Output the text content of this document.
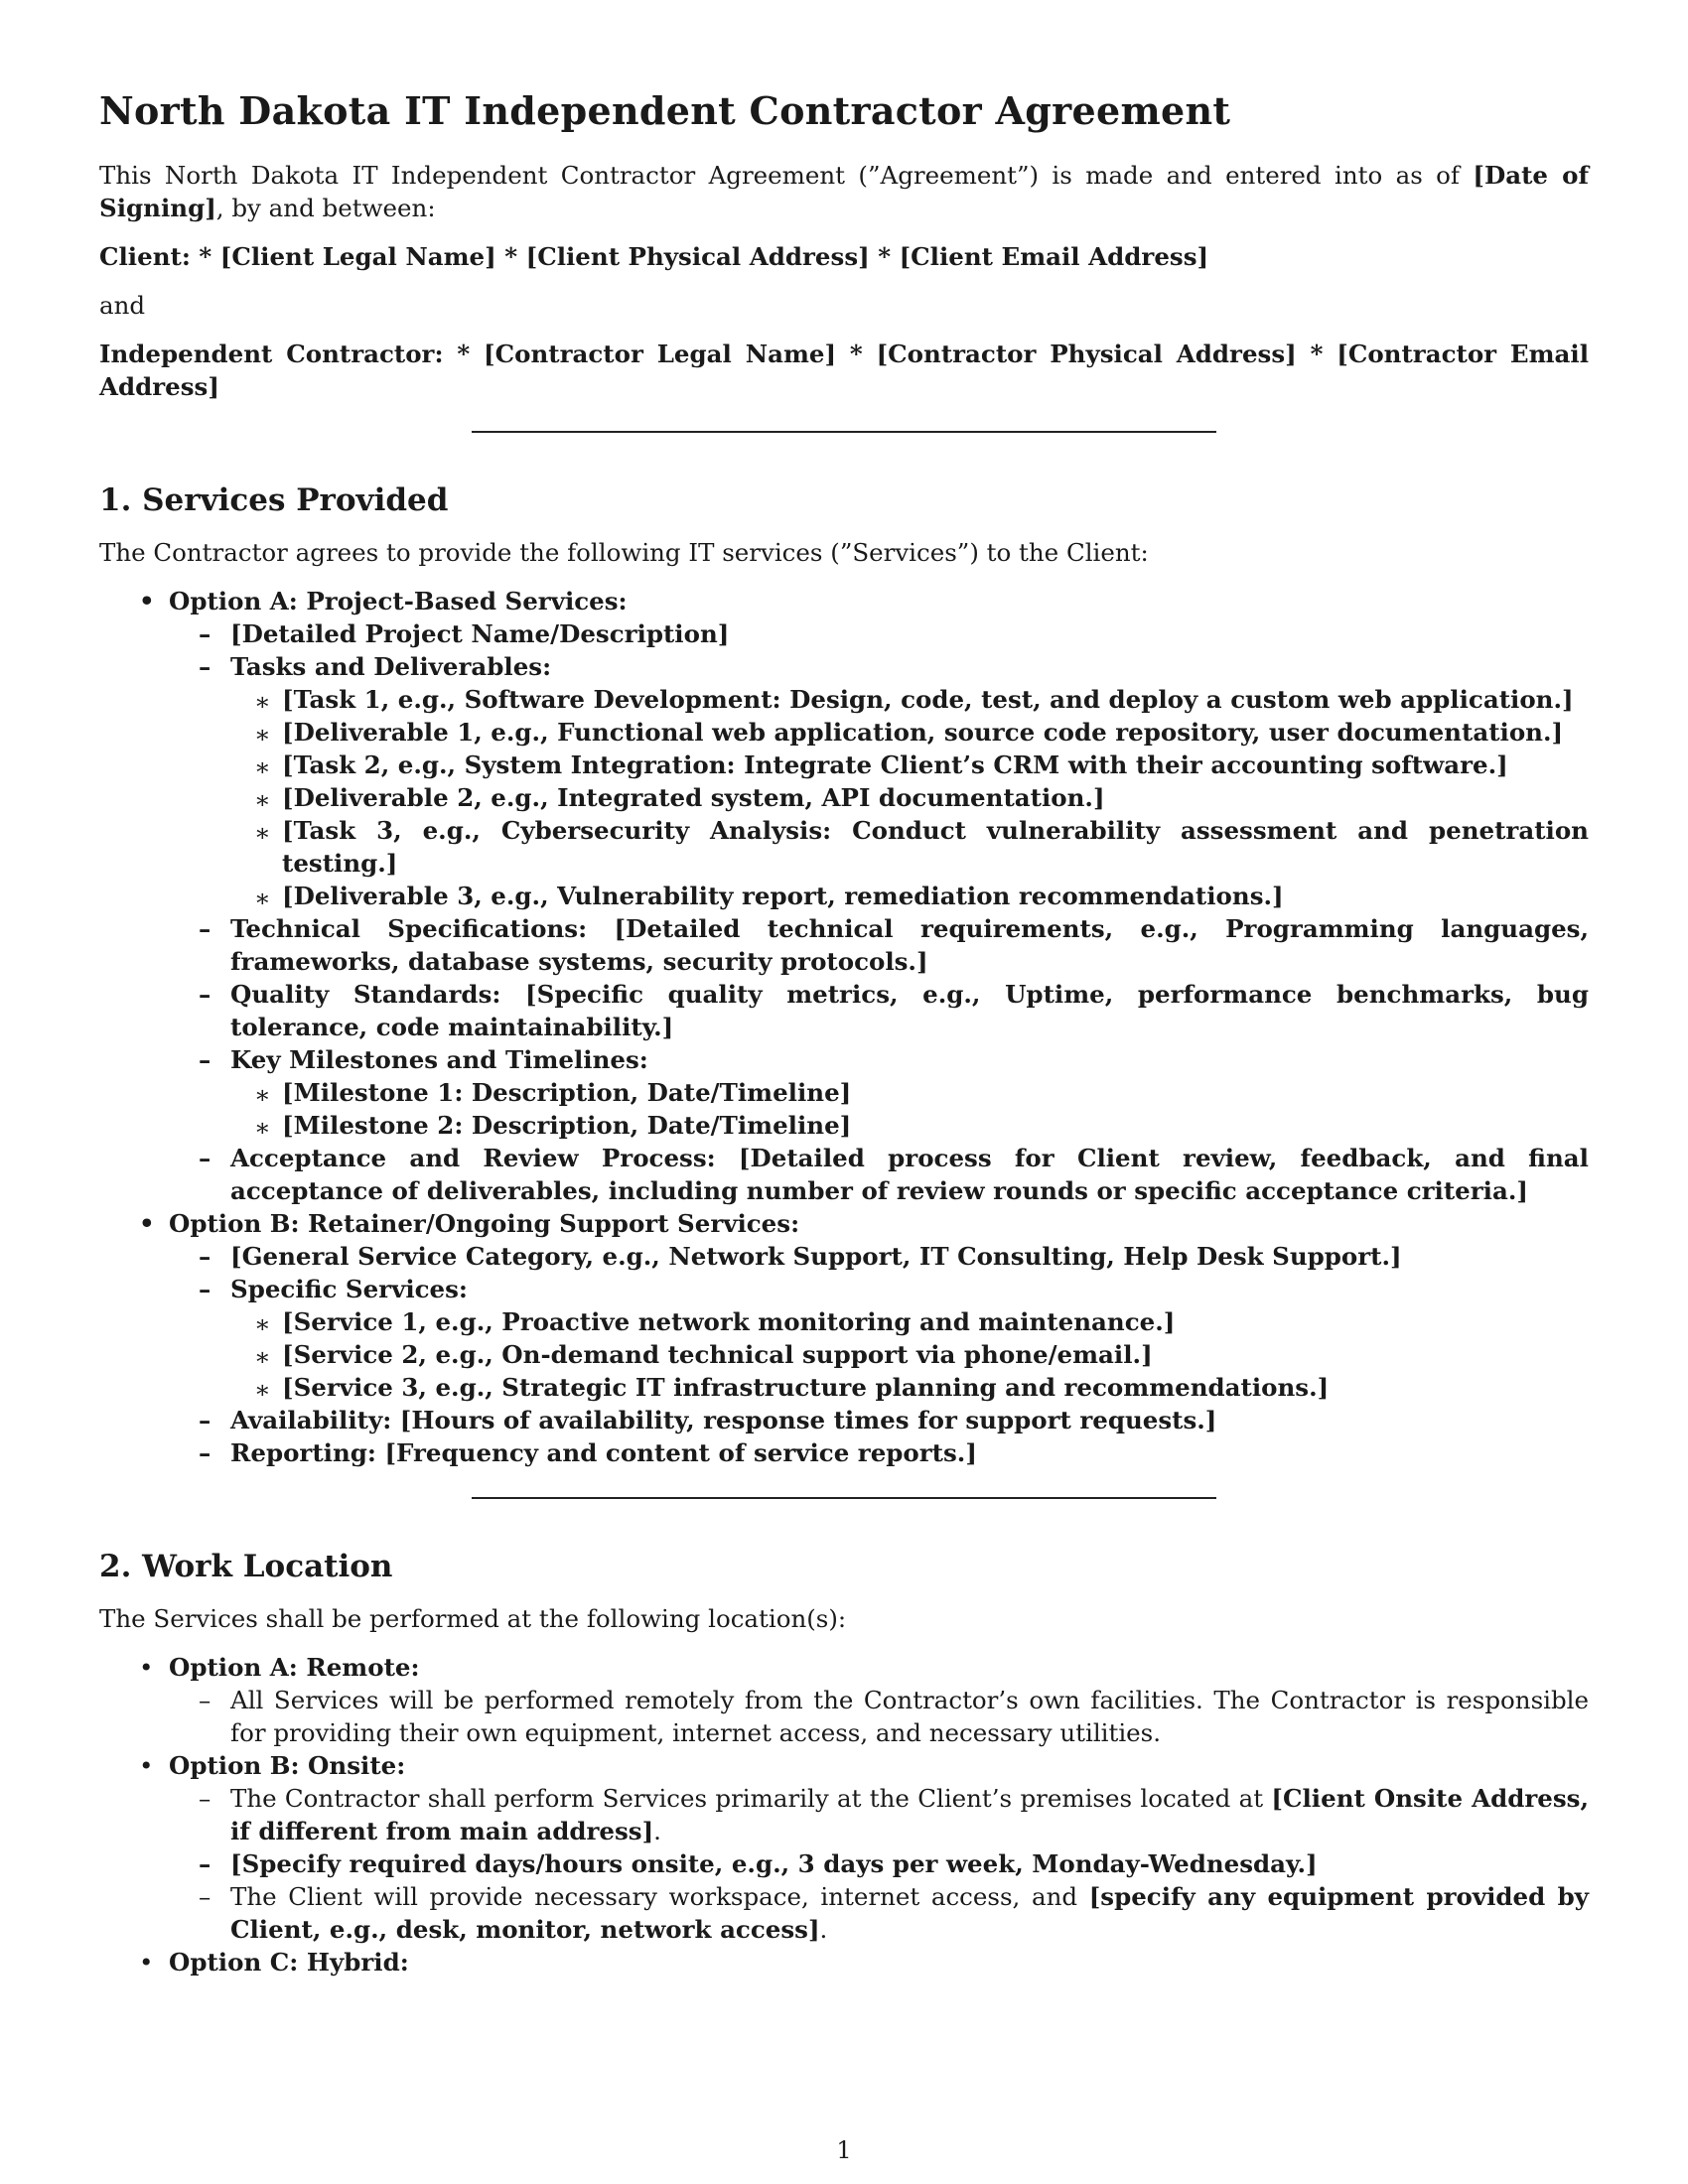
North Dakota IT Independent Contractor Agreement

This North Dakota IT Independent Contractor Agreement (”Agreement”) is made and entered into as of [Date of Signing], by and between:

Client: * [Client Legal Name] * [Client Physical Address] * [Client Email Address]

and

Independent Contractor: * [Contractor Legal Name] * [Contractor Physical Address] * [Contractor Email Address]

1. Services Provided

The Contractor agrees to provide the following IT services (”Services”) to the Client:

• Option A: Project-Based Services:
– [Detailed Project Name/Description]
– Tasks and Deliverables:
∗ [Task 1, e.g., Software Development: Design, code, test, and deploy a custom web application.]
∗ [Deliverable 1, e.g., Functional web application, source code repository, user documentation.]
∗ [Task 2, e.g., System Integration: Integrate Client’s CRM with their accounting software.]
∗ [Deliverable 2, e.g., Integrated system, API documentation.]
∗ [Task 3, e.g., Cybersecurity Analysis: Conduct vulnerability assessment and penetration testing.]
∗ [Deliverable 3, e.g., Vulnerability report, remediation recommendations.]
– Technical Specifications: [Detailed technical requirements, e.g., Programming languages, frameworks, database systems, security protocols.]
– Quality Standards: [Specific quality metrics, e.g., Uptime, performance benchmarks, bug tolerance, code maintainability.]
– Key Milestones and Timelines:
∗ [Milestone 1: Description, Date/Timeline]
∗ [Milestone 2: Description, Date/Timeline]
– Acceptance and Review Process: [Detailed process for Client review, feedback, and final acceptance of deliverables, including number of review rounds or specific acceptance criteria.]
• Option B: Retainer/Ongoing Support Services:
– [General Service Category, e.g., Network Support, IT Consulting, Help Desk Support.]
– Specific Services:
∗ [Service 1, e.g., Proactive network monitoring and maintenance.]
∗ [Service 2, e.g., On-demand technical support via phone/email.]
∗ [Service 3, e.g., Strategic IT infrastructure planning and recommendations.]
– Availability: [Hours of availability, response times for support requests.]
– Reporting: [Frequency and content of service reports.]
2. Work Location

The Services shall be performed at the following location(s):

• Option A: Remote:
– All Services will be performed remotely from the Contractor’s own facilities. The Contractor is responsible for providing their own equipment, internet access, and necessary utilities.
• Option B: Onsite:
– The Contractor shall perform Services primarily at the Client’s premises located at [Client Onsite Address, if different from main address].
– [Specify required days/hours onsite, e.g., 3 days per week, Monday-Wednesday.]
– The Client will provide necessary workspace, internet access, and [specify any equipment provided by Client, e.g., desk, monitor, network access].
• Option C: Hybrid:
1
